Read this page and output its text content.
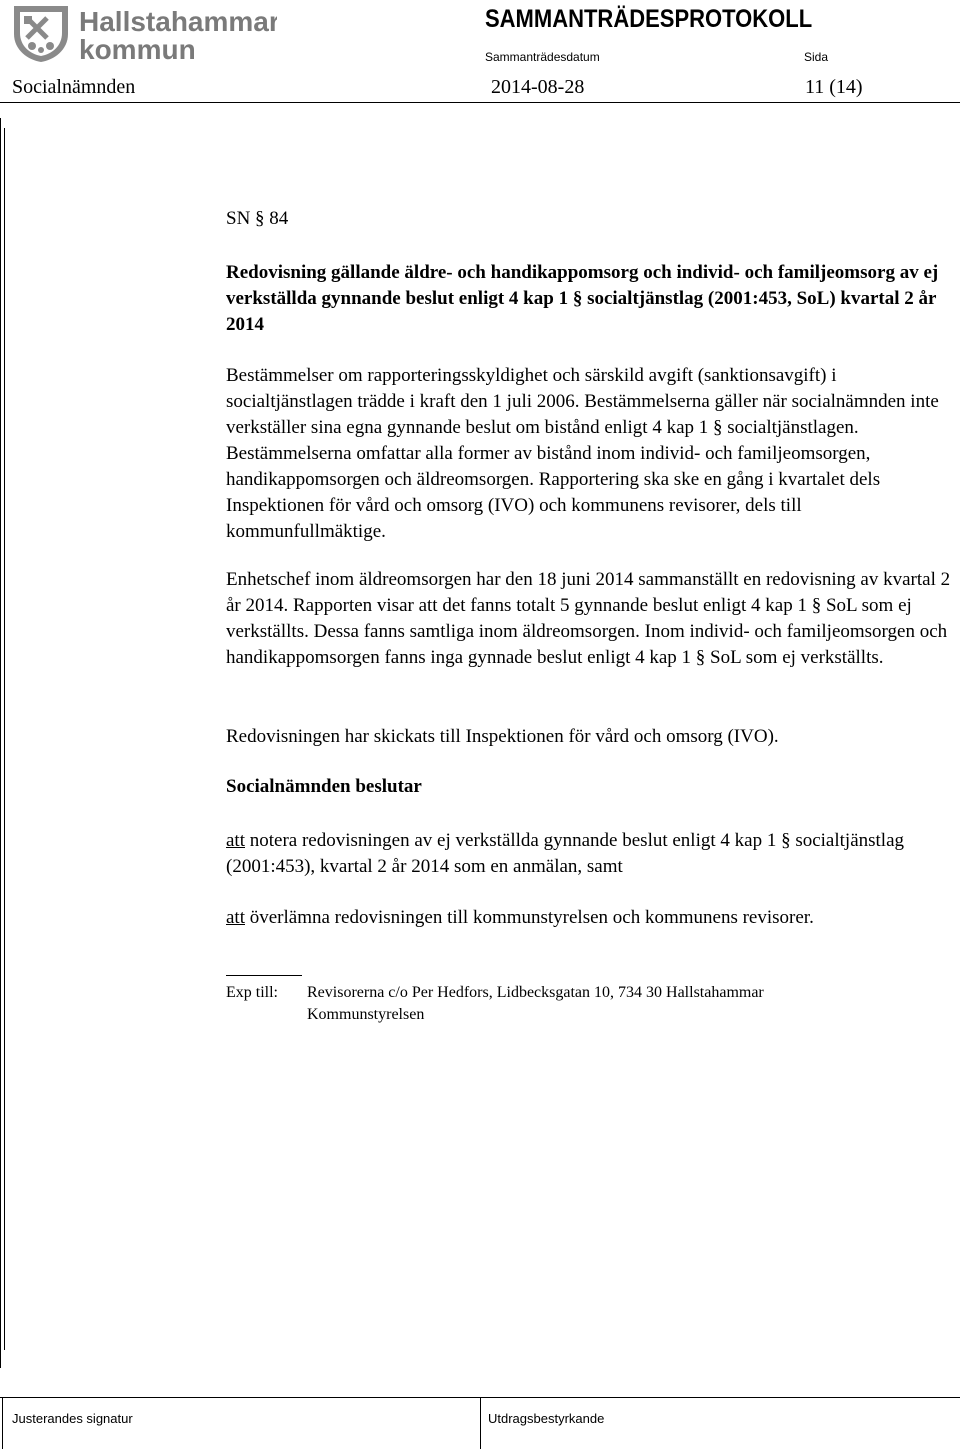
Hallstahammars
kommun
SAMMANTRÄDESPROTOKOLL
Sammanträdesdatum	Sida
Socialnämnden	2014-08-28	11 (14)
SN § 84
Redovisning gällande äldre- och handikappomsorg och individ- och familjeomsorg av ej verkställda gynnande beslut enligt 4 kap 1 § socialtjänstlag (2001:453, SoL) kvartal 2 år 2014
Bestämmelser om rapporteringsskyldighet och särskild avgift (sanktionsavgift) i socialtjänstlagen trädde i kraft den 1 juli 2006. Bestämmelserna gäller när socialnämnden inte verkställer sina egna gynnande beslut om bistånd enligt 4 kap 1 § socialtjänstlagen. Bestämmelserna omfattar alla former av bistånd inom individ- och familjeomsorgen, handikappomsorgen och äldreomsorgen. Rapportering ska ske en gång i kvartalet dels Inspektionen för vård och omsorg (IVO) och kommunens revisorer, dels till kommunfullmäktige.
Enhetschef inom äldreomsorgen har den 18 juni 2014 sammanställt en redovisning av kvartal 2 år 2014. Rapporten visar att det fanns totalt 5 gynnande beslut enligt 4 kap 1 § SoL som ej verkställts. Dessa fanns samtliga inom äldreomsorgen. Inom individ- och familjeomsorgen och handikappomsorgen fanns inga gynnade beslut enligt 4 kap 1 § SoL som ej verkställts.
Redovisningen har skickats till Inspektionen för vård och omsorg (IVO).
Socialnämnden beslutar
att notera redovisningen av ej verkställda gynnande beslut enligt 4 kap 1 § socialtjänstlag (2001:453), kvartal 2 år 2014 som en anmälan, samt
att överlämna redovisningen till kommunstyrelsen och kommunens revisorer.
Exp till: Revisorerna c/o Per Hedfors, Lidbecksgatan 10, 734 30 Hallstahammar
Kommunstyrelsen
Justerandes signatur	Utdragsbestyrkande
